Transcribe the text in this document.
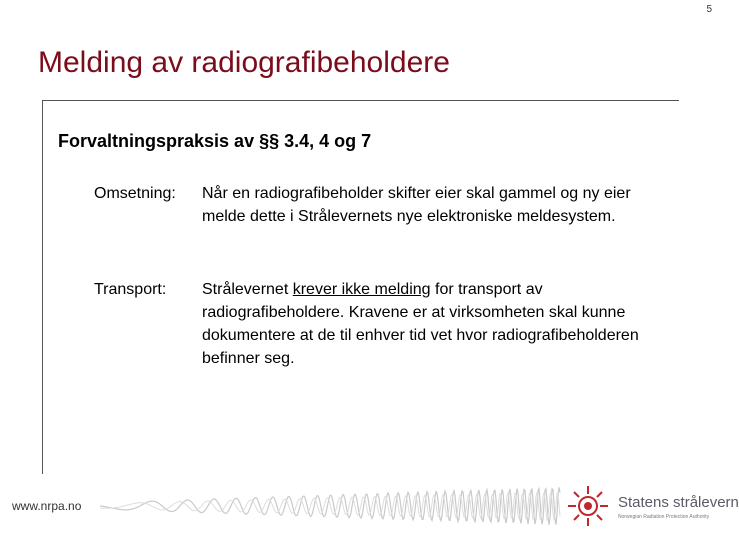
5
Melding av radiografibeholdere
Forvaltningspraksis av §§ 3.4, 4 og 7
Omsetning: Når en radiografibeholder skifter eier skal gammel og ny eier melde dette i Strålevernets nye elektroniske meldesystem.
Transport: Strålevernet krever ikke melding for transport av radiografibeholdere. Kravene er at virksomheten skal kunne dokumentere at de til enhver tid vet hvor radiografibeholderen befinner seg.
www.nrpa.no	Statens strålevern
Norwegian Radiation Protection Authority
